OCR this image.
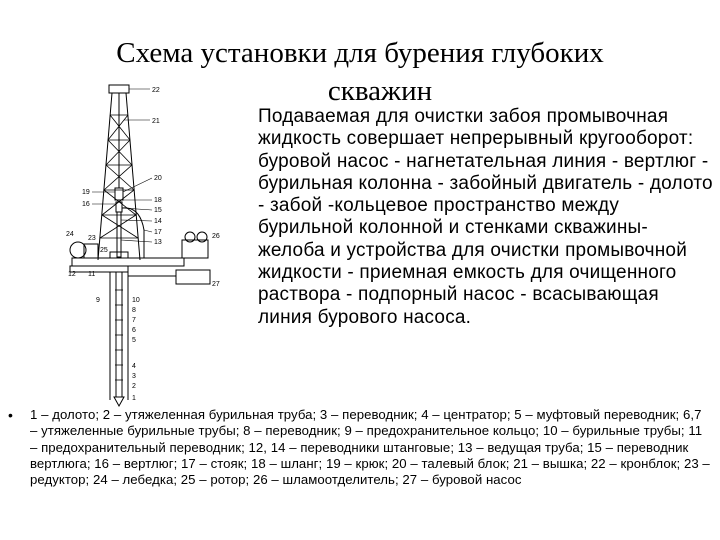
Схема установки для бурения глубоких
скважин
22
21
20
19
18
16
15
14
17
13
24
23
25
26
12 11
27
9	10
8
7
6
5
4
3
2
1
Подаваемая для очистки забоя промывочная жидкость совершает непрерывный кругооборот: буровой насос - нагнетательная линия - вертлюг - бурильная колонна - забойный двигатель - долото - забой -кольцевое пространство между бурильной колонной и стенками скважины-желоба и устройства для очистки промывочной жидкости - приемная емкость для очищенного раствора - подпорный насос - всасывающая линия бурового насоса.
• 1 – долото; 2 – утяжеленная бурильная труба; 3 – переводник; 4 – центратор; 5 – муфтовый переводник; 6,7 – утяжеленные бурильные трубы; 8 – переводник; 9 – предохранительное кольцо; 10 – бурильные трубы; 11 – предохранительный переводник; 12, 14 – переводники штанговые; 13 – ведущая труба; 15 – переводник вертлюга; 16 – вертлюг; 17 – стояк; 18 – шланг; 19 – крюк; 20 – талевый блок; 21 – вышка; 22 – кронблок; 23 – редуктор; 24 – лебедка; 25 – ротор; 26 – шламоотделитель; 27 – буровой насос
